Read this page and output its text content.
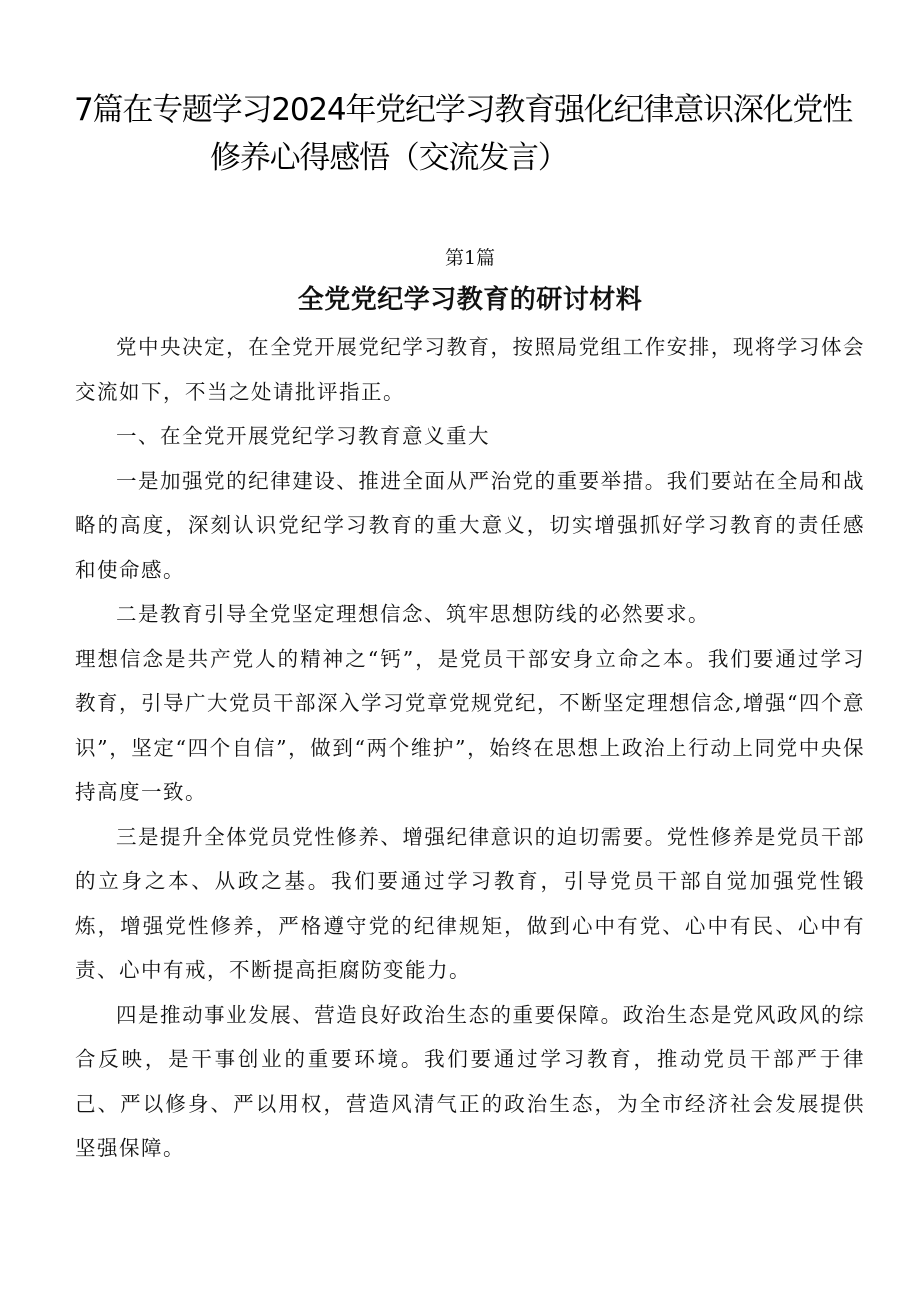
7篇在专题学习2024年党纪学习教育强化纪律意识深化党性
修养心得感悟（交流发言）
第1篇
全党党纪学习教育的研讨材料

党中央决定，在全党开展党纪学习教育，按照局党组工作安排，现将学习体会交流如下，不当之处请批评指正。

一、在全党开展党纪学习教育意义重大

一是加强党的纪律建设、推进全面从严治党的重要举措。我们要站在全局和战略的高度，深刻认识党纪学习教育的重大意义，切实增强抓好学习教育的责任感和使命感。

二是教育引导全党坚定理想信念、筑牢思想防线的必然要求。

理想信念是共产党人的精神之“钙”，是党员干部安身立命之本。我们要通过学习教育，引导广大党员干部深入学习党章党规党纪，不断坚定理想信念,增强“四个意识”，坚定“四个自信”，做到“两个维护”，始终在思想上政治上行动上同党中央保持高度一致。

三是提升全体党员党性修养、增强纪律意识的迫切需要。党性修养是党员干部的立身之本、从政之基。我们要通过学习教育，引导党员干部自觉加强党性锻炼，增强党性修养，严格遵守党的纪律规矩，做到心中有党、心中有民、心中有责、心中有戒，不断提高拒腐防变能力。

四是推动事业发展、营造良好政治生态的重要保障。政治生态是党风政风的综合反映，是干事创业的重要环境。我们要通过学习教育，推动党员干部严于律己、严以修身、严以用权，营造风清气正的政治生态，为全市经济社会发展提供坚强保障。
